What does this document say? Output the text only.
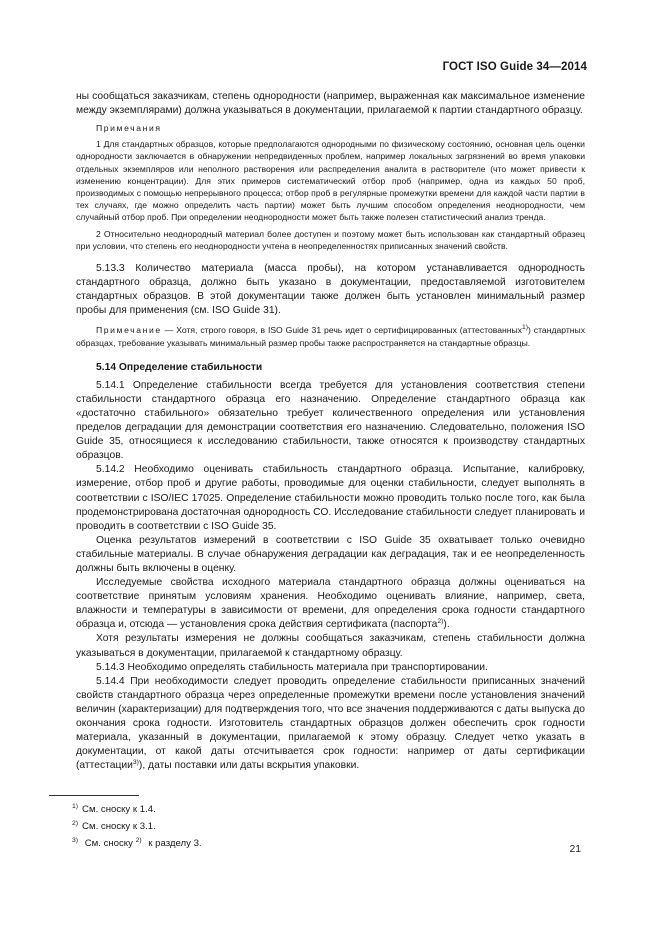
ГОСТ ISO Guide 34—2014

ны сообщаться заказчикам, степень однородности (например, выраженная как максимальное изменение между экземплярами) должна указываться в документации, прилагаемой к партии стандартного образцу.

Примечания

1 Для стандартных образцов, которые предполагаются однородными по физическому состоянию, основная цель оценки однородности заключается в обнаружении непредвиденных проблем, например локальных загрязнений во время упаковки отдельных экземпляров или неполного растворения или распределения аналита в растворителе (что может привести к изменению концентрации). Для этих примеров систематический отбор проб (например, одна из каждых 50 проб, производимых с помощью непрерывного процесса; отбор проб в регулярные промежутки времени для каждой части партии в тех случаях, где можно определить часть партии) может быть лучшим способом определения неоднородности, чем случайный отбор проб. При определении неоднородности может быть также полезен статистический анализ тренда.

2 Относительно неоднородный материал более доступен и поэтому может быть использован как стандартный образец при условии, что степень его неоднородности учтена в неопределенностях приписанных значений свойств.

5.13.3 Количество материала (масса пробы), на котором устанавливается однородность стандартного образца, должно быть указано в документации, предоставляемой изготовителем стандартных образцов. В этой документации также должен быть установлен минимальный размер пробы для применения (см. ISO Guide 31).

Примечание — Хотя, строго говоря, в ISO Guide 31 речь идет о сертифицированных (аттестованных$^{1)}$) стандартных образцах, требование указывать минимальный размер пробы также распространяется на стандартные образцы.

5.14 Определение стабильности

5.14.1 Определение стабильности всегда требуется для установления соответствия степени стабильности стандартного образца его назначению. Определение стандартного образца как «достаточно стабильного» обязательно требует количественного определения или установления пределов деградации для демонстрации соответствия его назначению. Следовательно, положения ISO Guide 35, относящиеся к исследованию стабильности, также относятся к производству стандартных образцов.

5.14.2 Необходимо оценивать стабильность стандартного образца. Испытание, калибровку, измерение, отбор проб и другие работы, проводимые для оценки стабильности, следует выполнять в соответствии с ISO/IEC 17025. Определение стабильности можно проводить только после того, как была продемонстрирована достаточная однородность СО. Исследование стабильности следует планировать и проводить в соответствии с ISO Guide 35.

Оценка результатов измерений в соответствии с ISO Guide 35 охватывает только очевидно стабильные материалы. В случае обнаружения деградации как деградация, так и ее неопределенность должны быть включены в оценку.

Исследуемые свойства исходного материала стандартного образца должны оцениваться на соответствие принятым условиям хранения. Необходимо оценивать влияние, например, света, влажности и температуры в зависимости от времени, для определения срока годности стандартного образца и, отсюда — установления срока действия сертификата (паспорта$^{2)}$).

Хотя результаты измерения не должны сообщаться заказчикам, степень стабильности должна указываться в документации, прилагаемой к стандартному образцу.

5.14.3 Необходимо определять стабильность материала при транспортировании.

5.14.4 При необходимости следует проводить определение стабильности приписанных значений свойств стандартного образца через определенные промежутки времени после установления значений величин (характеризации) для подтверждения того, что все значения поддерживаются с даты выпуска до окончания срока годности. Изготовитель стандартных образцов должен обеспечить срок годности материала, указанный в документации, прилагаемой к этому образцу. Следует четко указать в документации, от какой даты отсчитывается срок годности: например от даты сертификации (аттестации$^{3)}$), даты поставки или даты вскрытия упаковки.

$^{1)}$ См. сноску к 1.4.
$^{2)}$ См. сноску к 3.1.
$^{3)}$ См. сноску $^{2)}$ к разделу 3.
21
